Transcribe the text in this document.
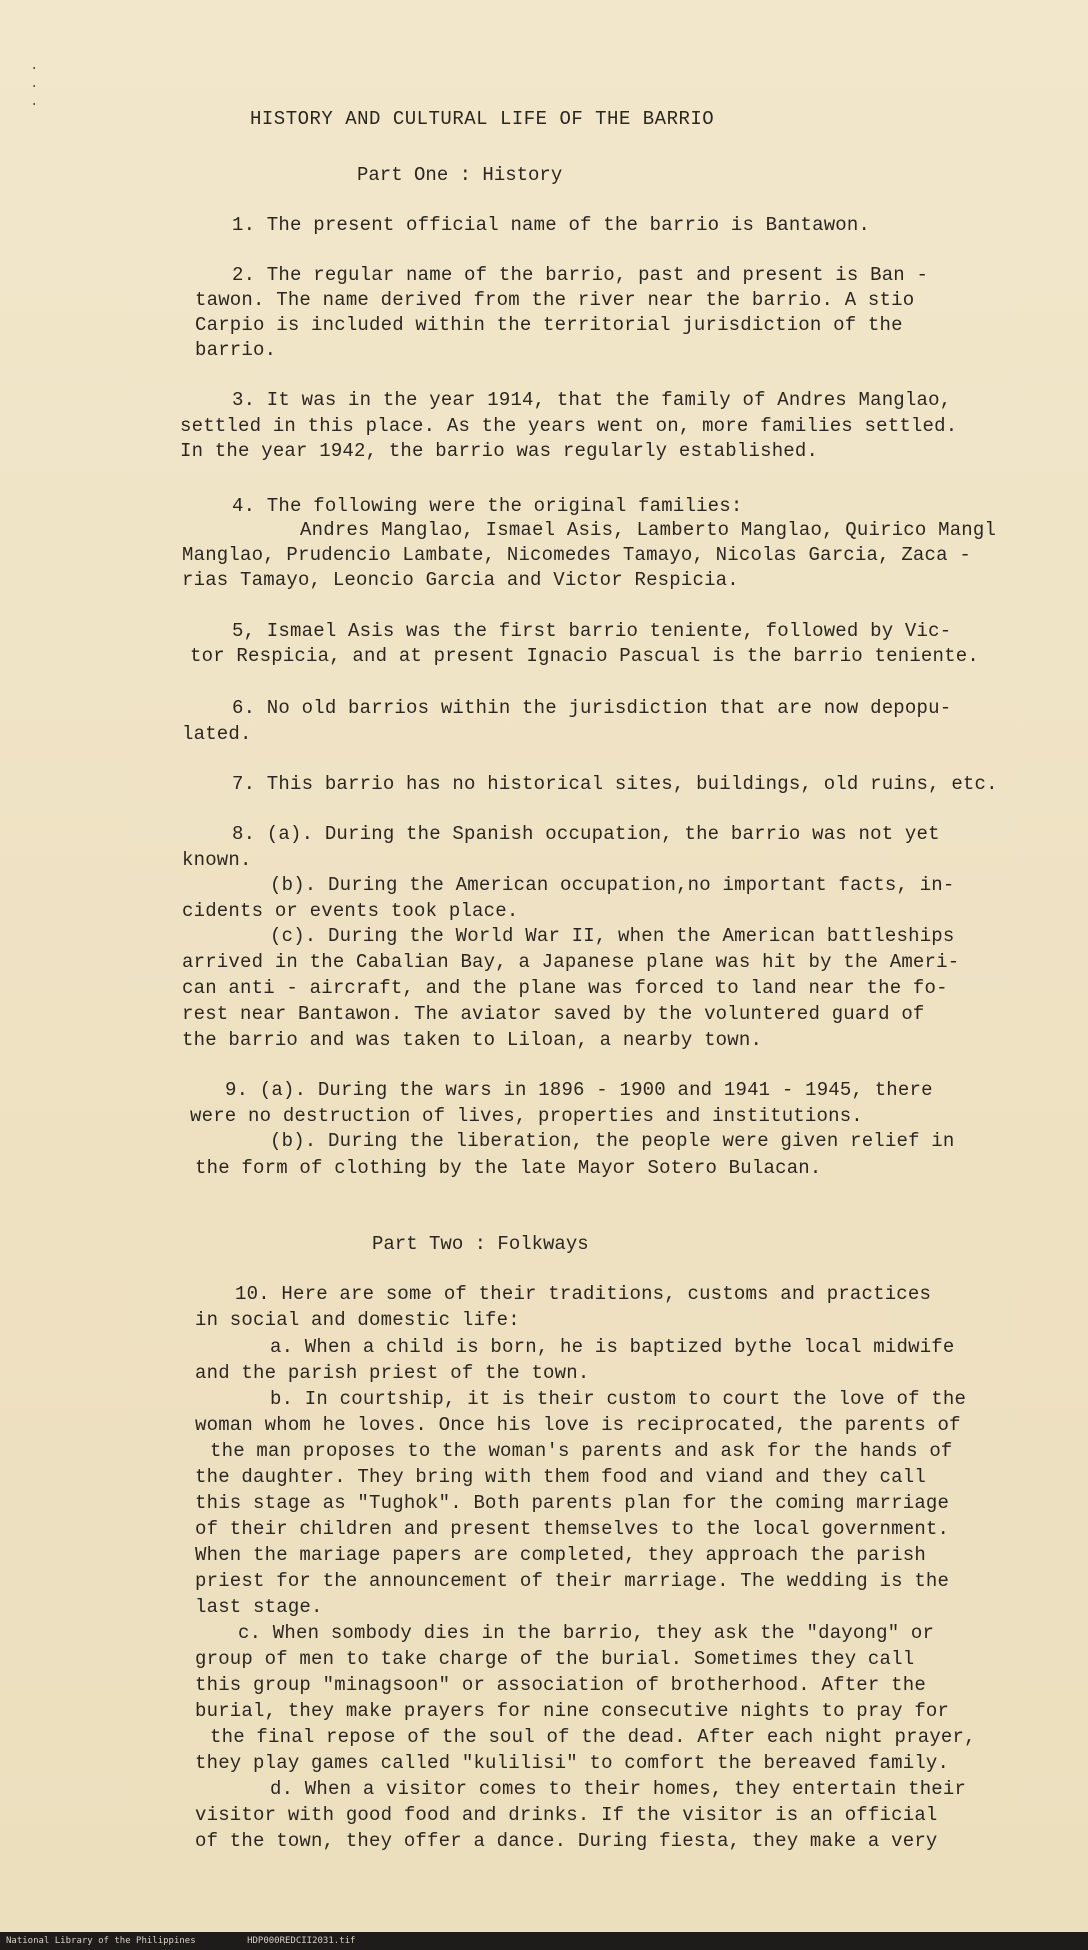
·
·
·
HISTORY AND CULTURAL LIFE OF THE BARRIO
Part One : History
1. The present official name of the barrio is Bantawon.
2. The regular name of the barrio, past and present is Ban -
tawon. The name derived from the river near the barrio. A stio
Carpio is included within the territorial jurisdiction of the
barrio.
3. It was in the year 1914, that the family of Andres Manglao,
settled in this place. As the years went on, more families settled.
In the year 1942, the barrio was regularly established.
4. The following were the original families:
Andres Manglao, Ismael Asis, Lamberto Manglao, Quirico Mangl
Manglao, Prudencio Lambate, Nicomedes Tamayo, Nicolas Garcia, Zaca -
rias Tamayo, Leoncio Garcia and Victor Respicia.
5, Ismael Asis was the first barrio teniente, followed by Vic-
tor Respicia, and at present Ignacio Pascual is the barrio teniente.
6. No old barrios within the jurisdiction that are now depopu-
lated.
7. This barrio has no historical sites, buildings, old ruins, etc.
8. (a). During the Spanish occupation, the barrio was not yet
known.
(b). During the American occupation,no important facts, in-
cidents or events took place.
(c). During the World War II, when the American battleships
arrived in the Cabalian Bay, a Japanese plane was hit by the Ameri-
can anti - aircraft, and the plane was forced to land near the fo-
rest near Bantawon. The aviator saved by the voluntered guard of
the barrio and was taken to Liloan, a nearby town.
9. (a). During the wars in 1896 - 1900 and 1941 - 1945, there
were no destruction of lives, properties and institutions.
(b). During the liberation, the people were given relief in
the form of clothing by the late Mayor Sotero Bulacan.
Part Two : Folkways
10. Here are some of their traditions, customs and practices
in social and domestic life:
a. When a child is born, he is baptized bythe local midwife
and the parish priest of the town.
b. In courtship, it is their custom to court the love of the
woman whom he loves. Once his love is reciprocated, the parents of
the man proposes to the woman's parents and ask for the hands of
the daughter. They bring with them food and viand and they call
this stage as "Tughok". Both parents plan for the coming marriage
of their children and present themselves to the local government.
When the mariage papers are completed, they approach the parish
priest for the announcement of their marriage. The wedding is the
last stage.
c. When sombody dies in the barrio, they ask the "dayong" or
group of men to take charge of the burial. Sometimes they call
this group "minagsoon" or association of brotherhood. After the
burial, they make prayers for nine consecutive nights to pray for
the final repose of the soul of the dead. After each night prayer,
they play games called "kulilisi" to comfort the bereaved family.
d. When a visitor comes to their homes, they entertain their
visitor with good food and drinks. If the visitor is an official
of the town, they offer a dance. During fiesta, they make a very
National Library of the Philippines	HDP000REDCII2031.tif
